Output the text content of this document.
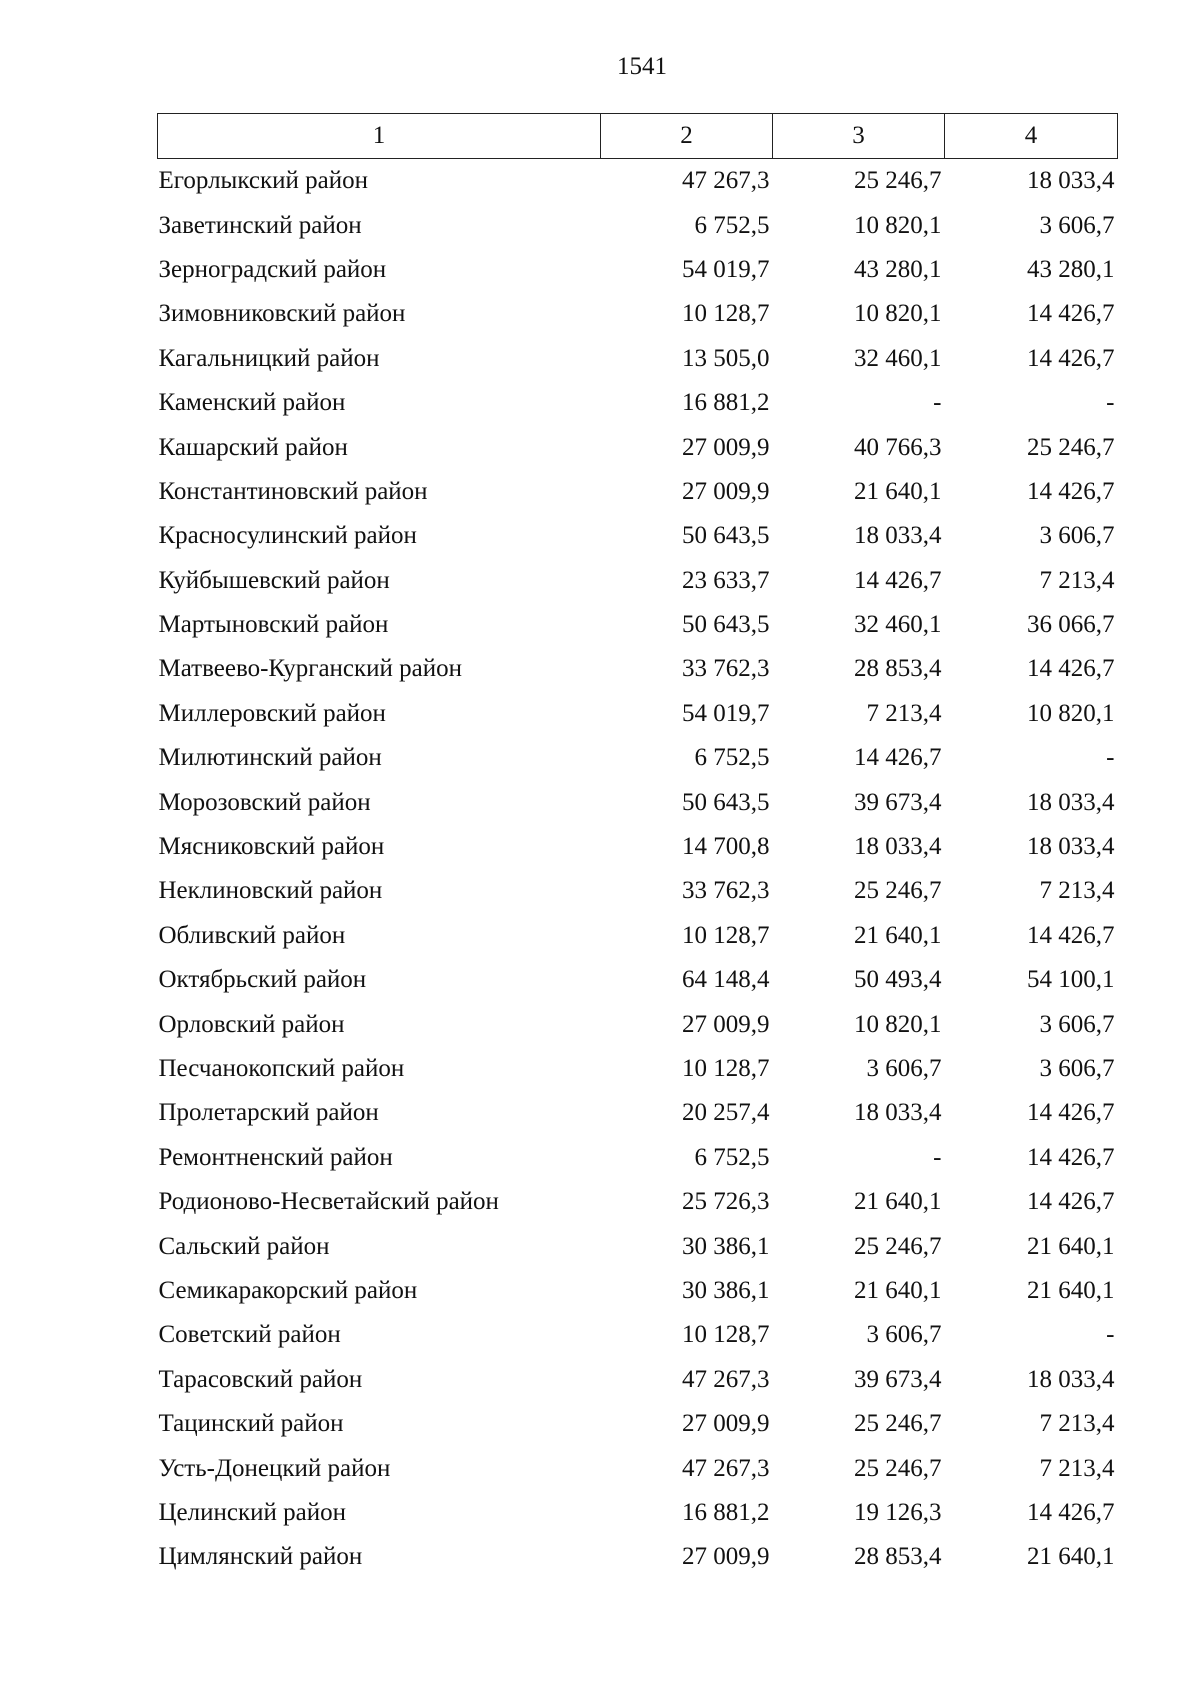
1541
1	2	3	4
Егорлыкский район	47 267,3	25 246,7	18 033,4
Заветинский район	6 752,5	10 820,1	3 606,7
Зерноградский район	54 019,7	43 280,1	43 280,1
Зимовниковский район	10 128,7	10 820,1	14 426,7
Кагальницкий район	13 505,0	32 460,1	14 426,7
Каменский район	16 881,2	-	-
Кашарский район	27 009,9	40 766,3	25 246,7
Константиновский район	27 009,9	21 640,1	14 426,7
Красносулинский район	50 643,5	18 033,4	3 606,7
Куйбышевский район	23 633,7	14 426,7	7 213,4
Мартыновский район	50 643,5	32 460,1	36 066,7
Матвеево-Курганский район	33 762,3	28 853,4	14 426,7
Миллеровский район	54 019,7	7 213,4	10 820,1
Милютинский район	6 752,5	14 426,7	-
Морозовский район	50 643,5	39 673,4	18 033,4
Мясниковский район	14 700,8	18 033,4	18 033,4
Неклиновский район	33 762,3	25 246,7	7 213,4
Обливский район	10 128,7	21 640,1	14 426,7
Октябрьский район	64 148,4	50 493,4	54 100,1
Орловский район	27 009,9	10 820,1	3 606,7
Песчанокопский район	10 128,7	3 606,7	3 606,7
Пролетарский район	20 257,4	18 033,4	14 426,7
Ремонтненский район	6 752,5	-	14 426,7
Родионово-Несветайский район	25 726,3	21 640,1	14 426,7
Сальский район	30 386,1	25 246,7	21 640,1
Семикаракорский район	30 386,1	21 640,1	21 640,1
Советский район	10 128,7	3 606,7	-
Тарасовский район	47 267,3	39 673,4	18 033,4
Тацинский район	27 009,9	25 246,7	7 213,4
Усть-Донецкий район	47 267,3	25 246,7	7 213,4
Целинский район	16 881,2	19 126,3	14 426,7
Цимлянский район	27 009,9	28 853,4	21 640,1
